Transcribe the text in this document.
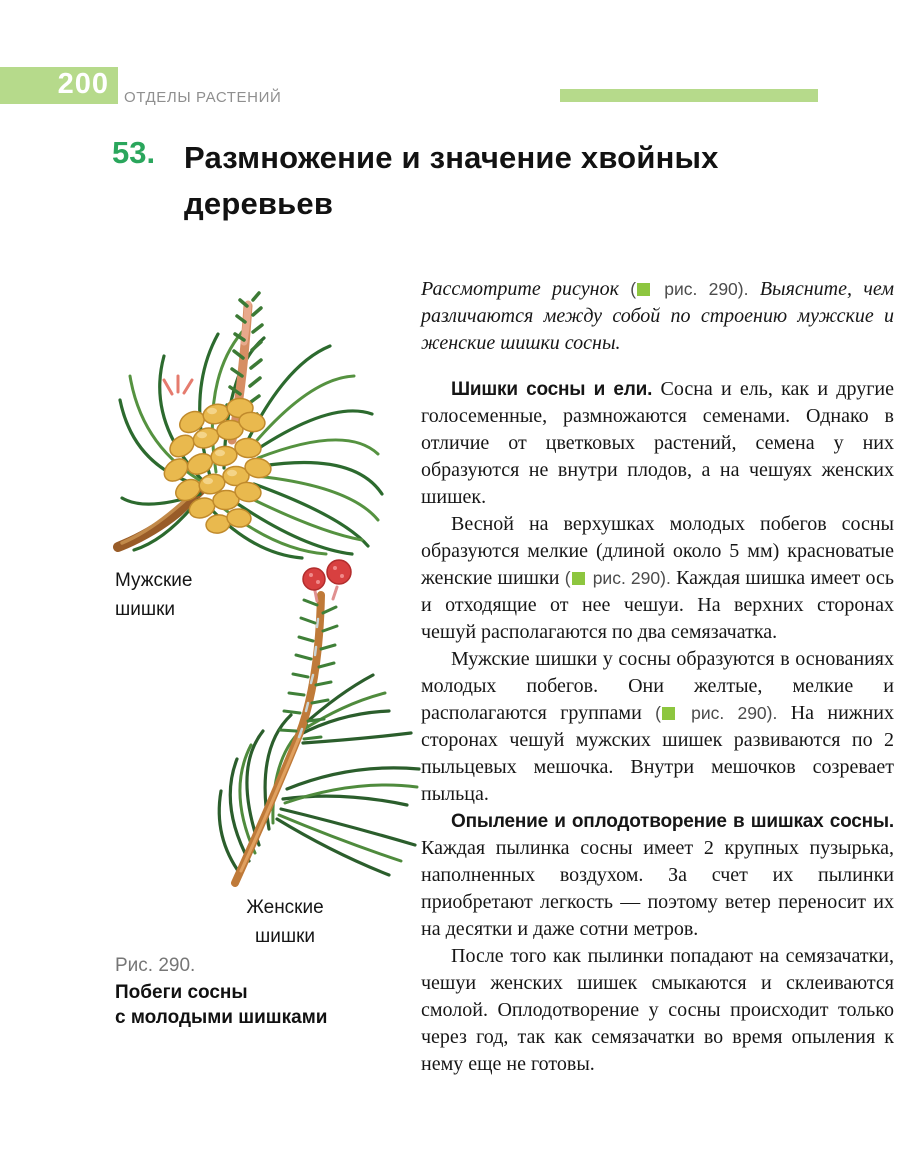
200 ОТДЕЛЫ РАСТЕНИЙ
53. Размножение и значение хвойных деревьев
Мужские
шишки
Женские
шишки
Рис. 290.
Побеги сосны
с молодыми шишками

Рассмотрите рисунок ( рис. 290). Выясните, чем различаются между собой по строению мужские и женские шишки сосны.

Шишки сосны и ели. Сосна и ель, как и другие голосеменные, размножаются семенами. Однако в отличие от цветковых растений, семена у них образуются не внутри плодов, а на чешуях женских шишек.

Весной на верхушках молодых побегов сосны образуются мелкие (длиной около 5 мм) красноватые женские шишки ( рис. 290). Каждая шишка имеет ось и отходящие от нее чешуи. На верхних сторонах чешуй располагаются по два семязачатка.

Мужские шишки у сосны образуются в основаниях молодых побегов. Они желтые, мелкие и располагаются группами ( рис. 290). На нижних сторонах чешуй мужских шишек развиваются по 2 пыльцевых мешочка. Внутри мешочков созревает пыльца.

Опыление и оплодотворение в шишках сосны. Каждая пылинка сосны имеет 2 крупных пузырька, наполненных воздухом. За счет их пылинки приобретают легкость — поэтому ветер переносит их на десятки и даже сотни метров.

После того как пылинки попадают на семязачатки, чешуи женских шишек смыкаются и склеиваются смолой. Оплодотворение у сосны происходит только через год, так как семязачатки во время опыления к нему еще не готовы.
